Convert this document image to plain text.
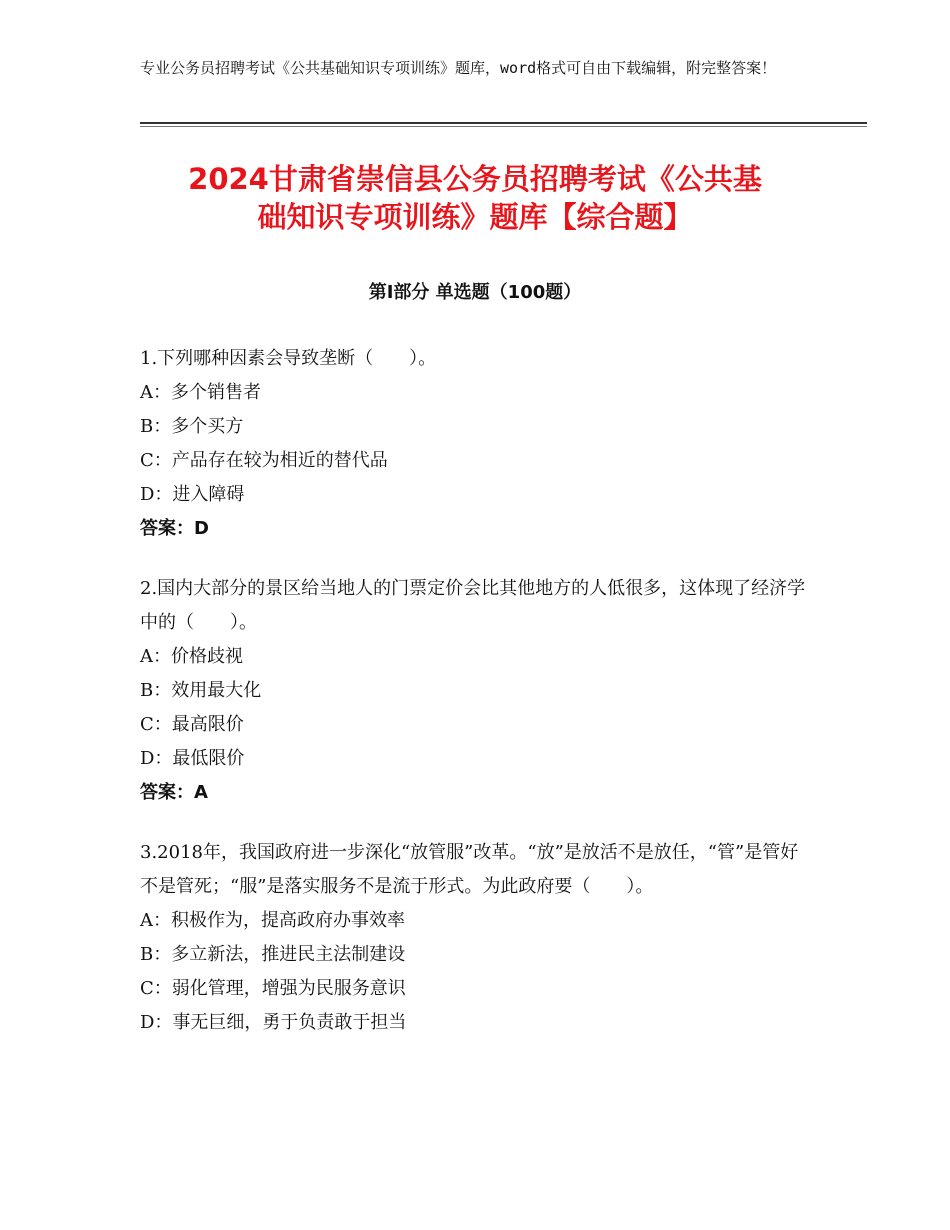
专业公务员招聘考试《公共基础知识专项训练》题库，word格式可自由下载编辑，附完整答案！
2024甘肃省崇信县公务员招聘考试《公共基
础知识专项训练》题库【综合题】
第Ⅰ部分 单选题（100题）

1.下列哪种因素会导致垄断（　　）。

A：多个销售者

B：多个买方

C：产品存在较为相近的替代品

D：进入障碍

答案：D

2.国内大部分的景区给当地人的门票定价会比其他地方的人低很多，这体现了经济学中的（　　）。

A：价格歧视

B：效用最大化

C：最高限价

D：最低限价

答案：A

3.2018年，我国政府进一步深化“放管服”改革。“放”是放活不是放任，“管”是管好不是管死；“服”是落实服务不是流于形式。为此政府要（　　）。

A：积极作为，提高政府办事效率

B：多立新法，推进民主法制建设

C：弱化管理，增强为民服务意识

D：事无巨细，勇于负责敢于担当
